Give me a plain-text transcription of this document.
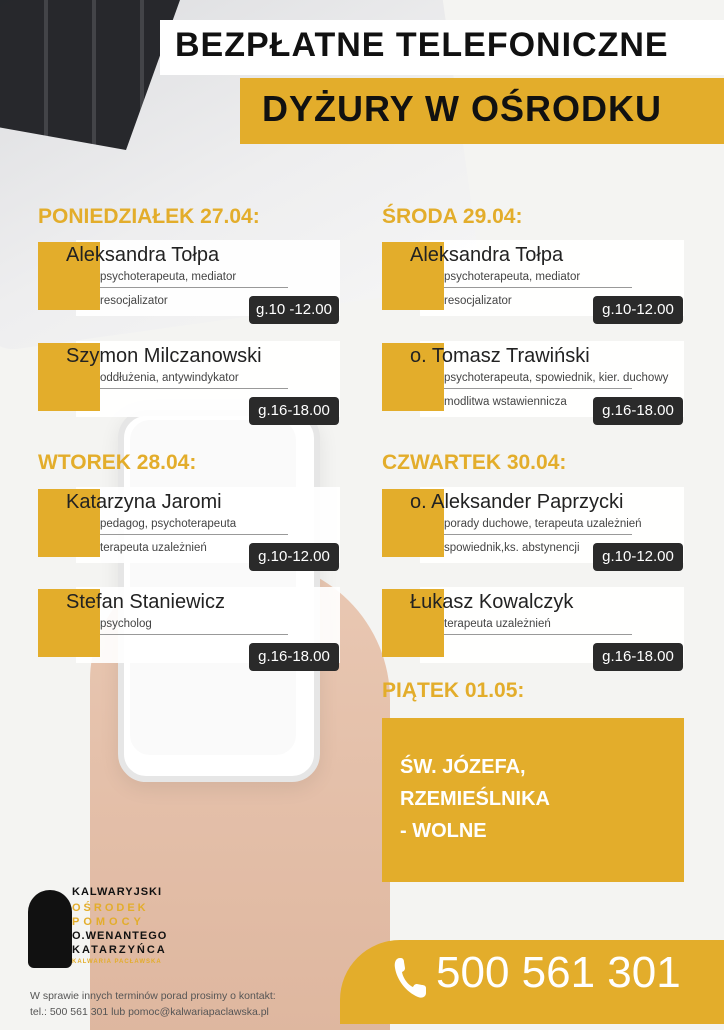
BEZPŁATNE TELEFONICZNE
DYŻURY W OŚRODKU
PONIEDZIAŁEK 27.04:
Aleksandra Tołpa
psychoterapeuta, mediator
resocjalizator	g.10 -12.00
Szymon Milczanowski
oddłużenia, antywindykator
g.16-18.00
WTOREK 28.04:
Katarzyna Jaromi
pedagog, psychoterapeuta
terapeuta uzależnień	g.10-12.00
Stefan Staniewicz
psycholog
g.16-18.00
ŚRODA 29.04:
Aleksandra Tołpa
psychoterapeuta, mediator
resocjalizator	g.10-12.00
o. Tomasz Trawiński
psychoterapeuta, spowiednik, kier. duchowy
modlitwa wstawiennicza	g.16-18.00
CZWARTEK 30.04:
o. Aleksander Paprzycki
porady duchowe, terapeuta uzależnień
spowiednik,ks. abstynencji	g.10-12.00
Łukasz Kowalczyk
terapeuta uzależnień
g.16-18.00
PIĄTEK 01.05:
ŚW. JÓZEFA,
RZEMIEŚLNIKA
- WOLNE
KALWARYJSKI
OŚRODEK
POMOCY
O.WENANTEGO
KATARZYŃCA
KALWARIA PACŁAWSKA
W sprawie innych terminów porad prosimy o kontakt:
tel.: 500 561 301 lub pomoc@kalwariapaclawska.pl
500 561 301
